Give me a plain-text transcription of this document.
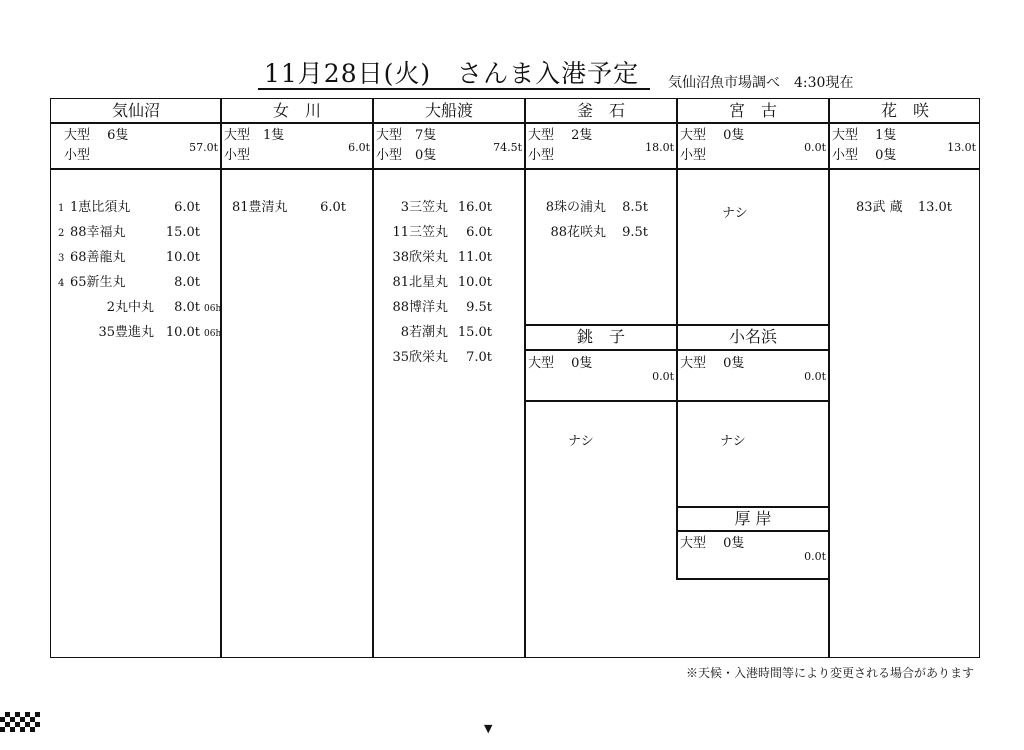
11月28日(火)　さんま入港予定 気仙沼魚市場調べ　4:30現在
気仙沼
大型　 6隻
小型
57.0t
1 1恵比須丸	6.0t
2 88幸福丸	15.0t
3 68善龍丸	10.0t
4 65新生丸	8.0t
2丸中丸 8.0t 06h
35豊進丸 10.0t 06h
女　川
大型　1隻
小型
6.0t
81豊清丸	6.0t
大船渡
大型　7隻
小型　0隻
74.5t
3三笠丸 16.0t
11三笠丸 6.0t
38欣栄丸 11.0t
81北星丸 10.0t
88博洋丸 9.5t
8若潮丸 15.0t
35欣栄丸 7.0t
釜　石
大型　 2隻
小型
18.0t
8珠の浦丸 8.5t
88花咲丸 9.5t
宮　古
大型　 0隻
小型
0.0t
ナシ
花　咲
大型　 1隻
小型　 0隻
13.0t
83武 蔵 13.0t
銚　子
大型　 0隻
0.0t
ナシ
小名浜
大型　 0隻
0.0t
ナシ
厚 岸
大型　 0隻
0.0t
※天候・入港時間等により変更される場合があります
▼
